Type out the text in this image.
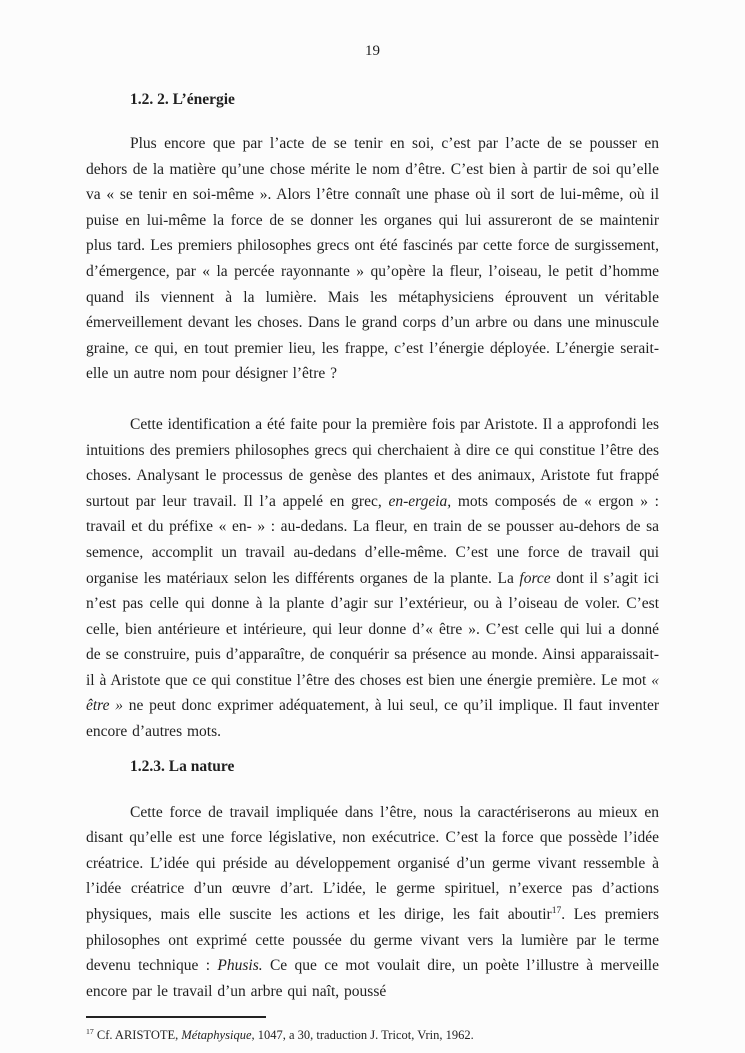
19
1.2. 2. L’énergie

Plus encore que par l’acte de se tenir en soi, c’est par l’acte de se pousser en dehors de la matière qu’une chose mérite le nom d’être. C’est bien à partir de soi qu’elle va « se tenir en soi-même ». Alors l’être connaît une phase où il sort de lui-même, où il puise en lui-même la force de se donner les organes qui lui assureront de se maintenir plus tard. Les premiers philosophes grecs ont été fascinés par cette force de surgissement, d’émergence, par « la percée rayonnante » qu’opère la fleur, l’oiseau, le petit d’homme quand ils viennent à la lumière. Mais les métaphysiciens éprouvent un véritable émerveillement devant les choses. Dans le grand corps d’un arbre ou dans une minuscule graine, ce qui, en tout premier lieu, les frappe, c’est l’énergie déployée. L’énergie serait-elle un autre nom pour désigner l’être ?

Cette identification a été faite pour la première fois par Aristote. Il a approfondi les intuitions des premiers philosophes grecs qui cherchaient à dire ce qui constitue l’être des choses. Analysant le processus de genèse des plantes et des animaux, Aristote fut frappé surtout par leur travail. Il l’a appelé en grec, en-ergeia, mots composés de « ergon » : travail et du préfixe « en- » : au-dedans. La fleur, en train de se pousser au-dehors de sa semence, accomplit un travail au-dedans d’elle-même. C’est une force de travail qui organise les matériaux selon les différents organes de la plante. La force dont il s’agit ici n’est pas celle qui donne à la plante d’agir sur l’extérieur, ou à l’oiseau de voler. C’est celle, bien antérieure et intérieure, qui leur donne d’« être ». C’est celle qui lui a donné de se construire, puis d’apparaître, de conquérir sa présence au monde. Ainsi apparaissait-il à Aristote que ce qui constitue l’être des choses est bien une énergie première. Le mot « être » ne peut donc exprimer adéquatement, à lui seul, ce qu’il implique. Il faut inventer encore d’autres mots.

1.2.3. La nature

Cette force de travail impliquée dans l’être, nous la caractériserons au mieux en disant qu’elle est une force législative, non exécutrice. C’est la force que possède l’idée créatrice. L’idée qui préside au développement organisé d’un germe vivant ressemble à l’idée créatrice d’un œuvre d’art. L’idée, le germe spirituel, n’exerce pas d’actions physiques, mais elle suscite les actions et les dirige, les fait aboutir$^{17}$. Les premiers philosophes ont exprimé cette poussée du germe vivant vers la lumière par le terme devenu technique : Phusis. Ce que ce mot voulait dire, un poète l’illustre à merveille encore par le travail d’un arbre qui naît, poussé

$^{17}$ Cf. ARISTOTE, Métaphysique, 1047, a 30, traduction J. Tricot, Vrin, 1962.
